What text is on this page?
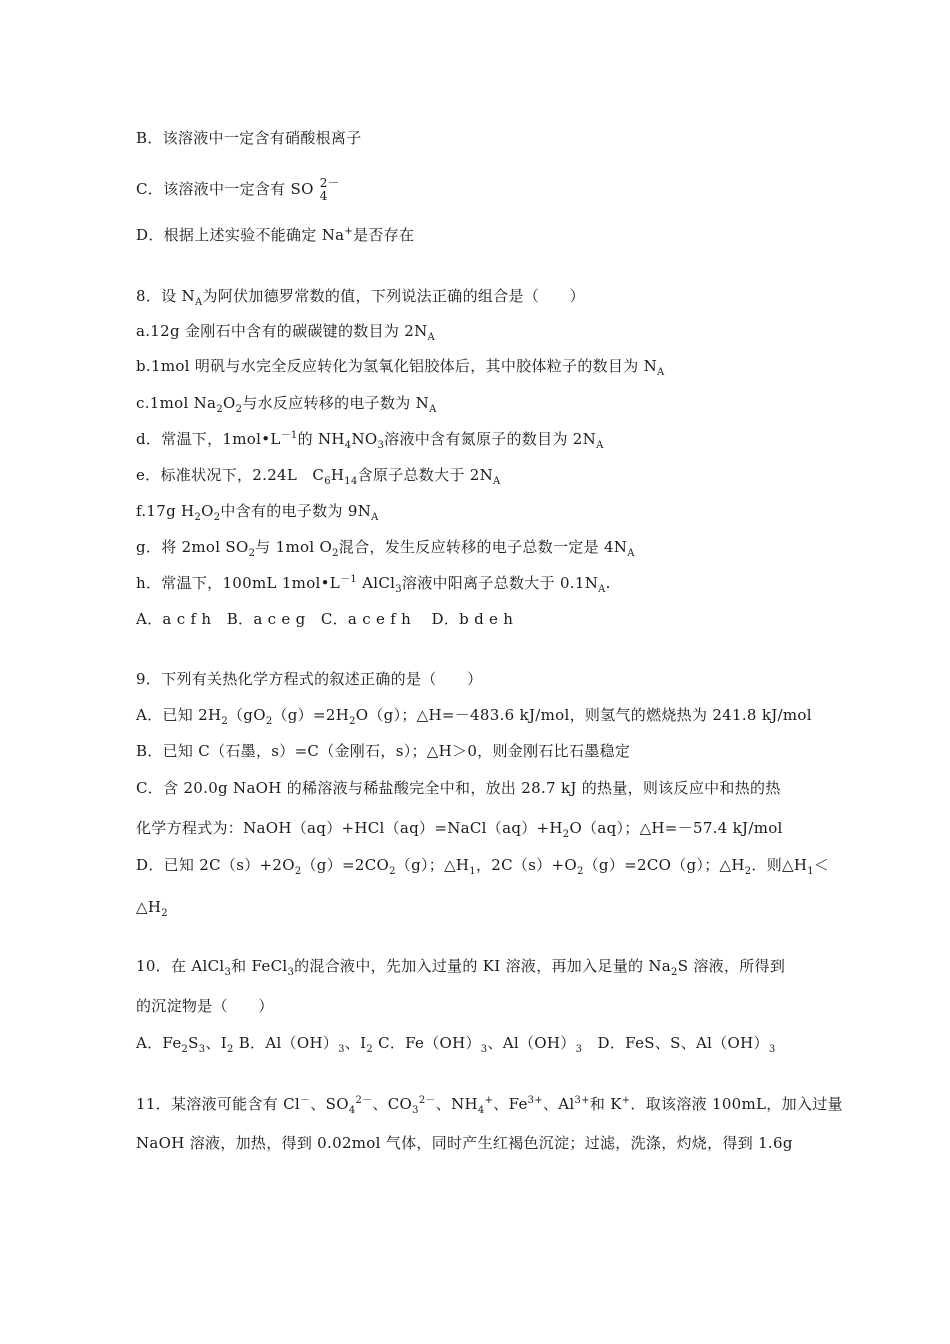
B．该溶液中一定含有硝酸根离子
C．该溶液中一定含有 SO 2－
4
D．根据上述实验不能确定 Na+是否存在
8．设 $N_A$为阿伏加德罗常数的值，下列说法正确的组合是（　　）
a.12g 金刚石中含有的碳碳键的数目为 $2N_A$
b.1mol 明矾与水完全反应转化为氢氧化铝胶体后，其中胶体粒子的数目为 $N_A$
c.1mol $Na_2O_2$与水反应转移的电子数为 $N_A$
d．常温下，$1mol•L^{-1}$的 $NH_4NO_3$溶液中含有氮原子的数目为 $2N_A$
e．标准状况下，2.24L　$C_6H_{14}$含原子总数大于 $2N_A$
f.17g $H_2O_2$中含有的电子数为 $9N_A$
g．将 2mol $SO_2$与 1mol $O_2$混合，发生反应转移的电子总数一定是 $4N_A$
h．常温下，100mL $1mol•L^{-1}$ AlCl$_3$溶液中阳离子总数大于 $0.1N_A$.
A．a c f h　B．a c e g　C．a c e f h　 D．b d e h
9．下列有关热化学方程式的叙述正确的是（　　）
A．已知 $2H_2(gO_2(g)=2H_2O(g)$；△H=－483.6 kJ/mol，则氢气的燃烧热为 241.8 kJ/mol
B．已知 C（石墨，s）=C（金刚石，s）；△H＞0，则金刚石比石墨稳定
C．含 20.0g NaOH 的稀溶液与稀盐酸完全中和，放出 28.7 kJ 的热量，则该反应中和热的热
化学方程式为：$NaOH(aq)+HCl(aq)=NaCl(aq)+H_2O(aq)$；△H=－57.4 kJ/mol
D．已知 $2C(s)+2O_2(g)=2CO_2(g)$；$\triangle H_1$，$2C(s)+O_2(g)=2CO(g)$；$\triangle H_2$．则$\triangle H_1<$
$\triangle H_2$
10．在 AlCl$_3$和 FeCl$_3$的混合液中，先加入过量的 KI 溶液，再加入足量的 $Na_2S$ 溶液，所得到
的沉淀物是（　　）
A．$Fe_2S_3$、$I_2$ B．$Al(OH)_3$、$I_2$ C．$Fe(OH)_3$、$Al(OH)_3$　D．FeS、S、$Al(OH)_3$
11．某溶液可能含有 Cl－、$SO_4^{2-}$、$CO_3^{2-}$、$NH_4^+$、$Fe^{3+}$、$Al^{3+}$和 K+．取该溶液 100mL，加入过量
NaOH 溶液，加热，得到 0.02mol 气体，同时产生红褐色沉淀；过滤，洗涤，灼烧，得到 1.6g
